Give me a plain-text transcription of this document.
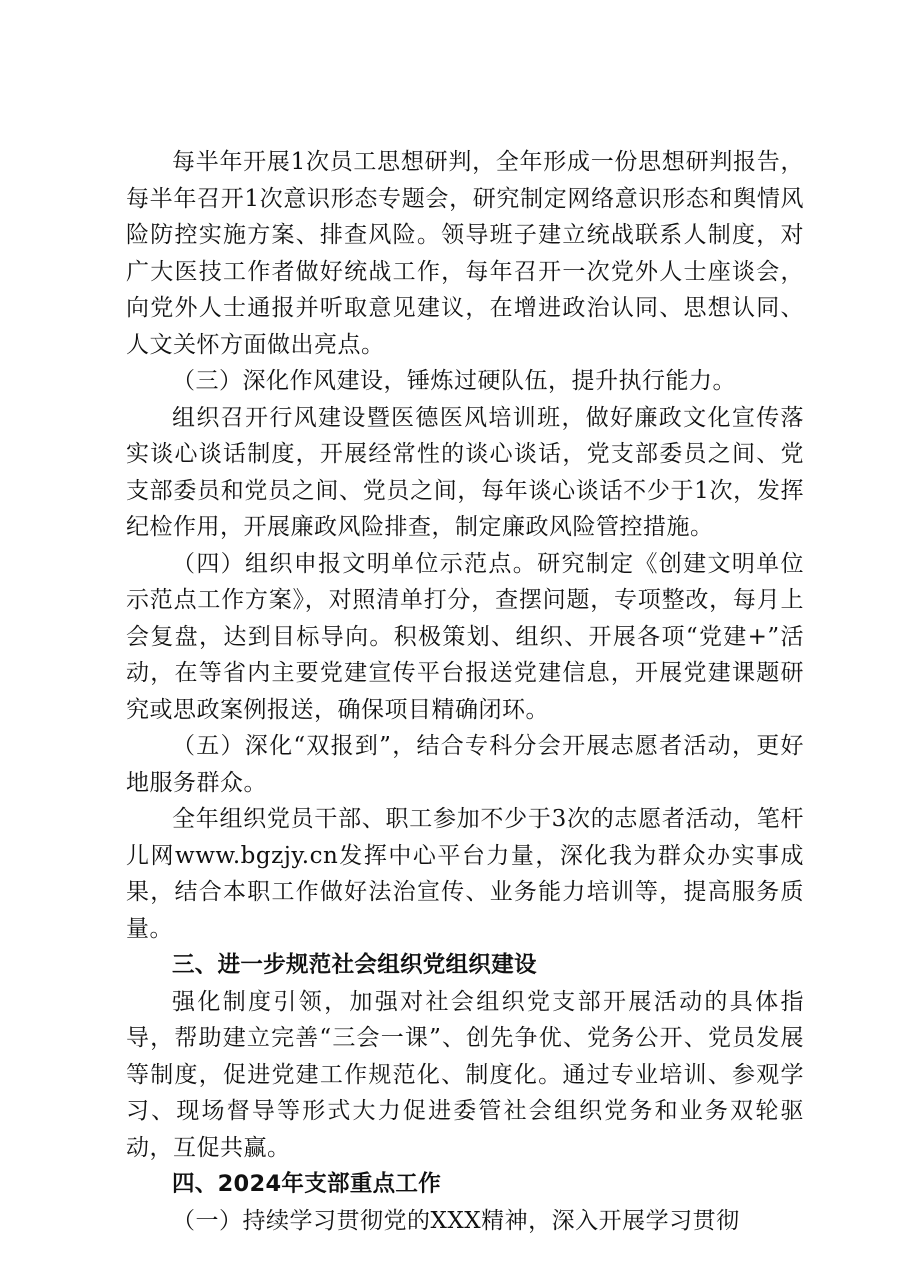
每半年开展1次员工思想研判，全年形成一份思想研判报告，每半年召开1次意识形态专题会，研究制定网络意识形态和舆情风险防控实施方案、排查风险。领导班子建立统战联系人制度，对广大医技工作者做好统战工作，每年召开一次党外人士座谈会，向党外人士通报并听取意见建议，在增进政治认同、思想认同、人文关怀方面做出亮点。

（三）深化作风建设，锤炼过硬队伍，提升执行能力。

组织召开行风建设暨医德医风培训班，做好廉政文化宣传落实谈心谈话制度，开展经常性的谈心谈话，党支部委员之间、党支部委员和党员之间、党员之间，每年谈心谈话不少于1次，发挥纪检作用，开展廉政风险排查，制定廉政风险管控措施。

（四）组织申报文明单位示范点。研究制定《创建文明单位示范点工作方案》，对照清单打分，查摆问题，专项整改，每月上会复盘，达到目标导向。积极策划、组织、开展各项“党建+”活动，在等省内主要党建宣传平台报送党建信息，开展党建课题研究或思政案例报送，确保项目精确闭环。

（五）深化“双报到”，结合专科分会开展志愿者活动，更好地服务群众。

全年组织党员干部、职工参加不少于3次的志愿者活动，笔杆儿网www.bgzjy.cn发挥中心平台力量，深化我为群众办实事成果，结合本职工作做好法治宣传、业务能力培训等，提高服务质量。

三、进一步规范社会组织党组织建设

强化制度引领，加强对社会组织党支部开展活动的具体指导，帮助建立完善“三会一课”、创先争优、党务公开、党员发展等制度，促进党建工作规范化、制度化。通过专业培训、参观学习、现场督导等形式大力促进委管社会组织党务和业务双轮驱动，互促共赢。

四、2024年支部重点工作

（一）持续学习贯彻党的XXX精神，深入开展学习贯彻
